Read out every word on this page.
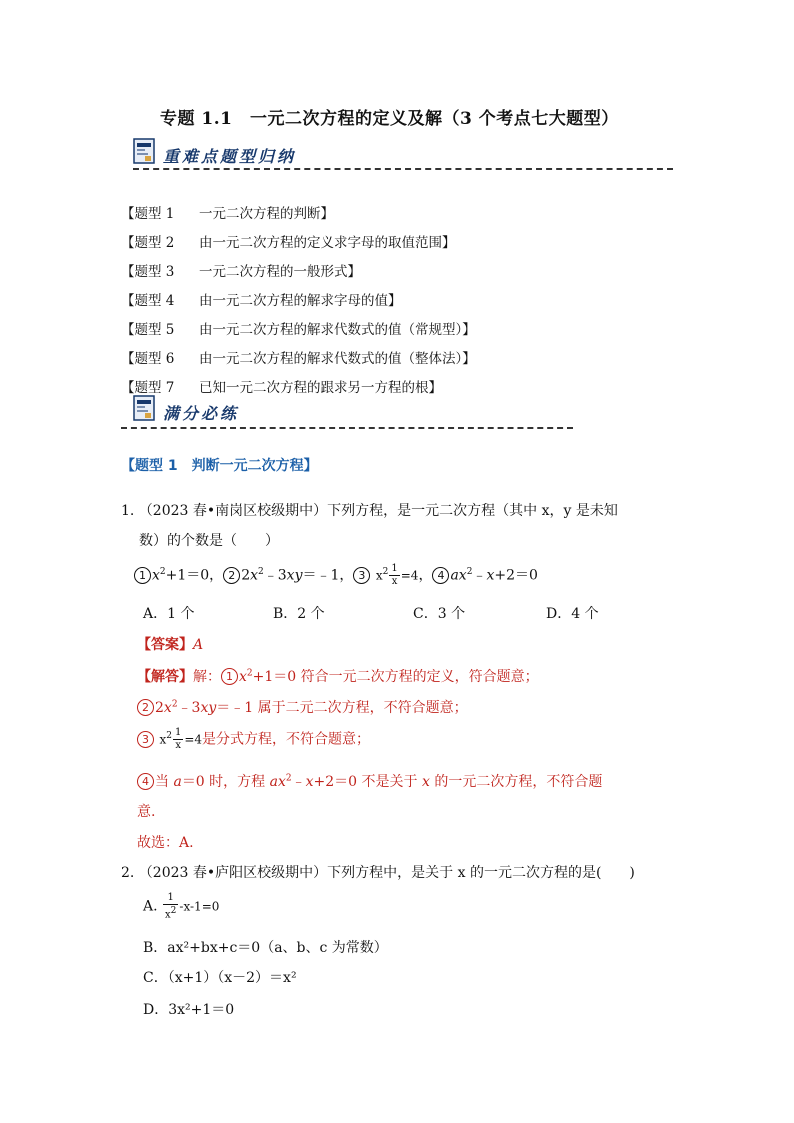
专题 1.1　一元二次方程的定义及解（3 个考点七大题型）
重难点题型归纳
【题型 1 一元二次方程的判断】
【题型 2 由一元二次方程的定义求字母的取值范围】
【题型 3 一元二次方程的一般形式】
【题型 4 由一元二次方程的解求字母的值】
【题型 5 由一元二次方程的解求代数式的值（常规型）】
【题型 6 由一元二次方程的解求代数式的值（整体法）】
【题型 7 已知一元二次方程的跟求另一方程的根】
满分必练
【题型 1　判断一元二次方程】
1. （2023 春•南岗区校级期中）下列方程，是一元二次方程（其中 x，y 是未知
数）的个数是（　　）
1 $x^2+1=0$， 2 $2x^2﹣3xy=﹣1$， 3 $x^2 \frac{1}{x} =4$， 4 $ax^2﹣x+2=0$
A．1 个	B．2 个	C．3 个	D．4 个
【答案】A
【解答】解： 1 $x^2+1=0$ 符合一元二次方程的定义，符合题意；
2 $2x^2﹣3xy=﹣1$ 属于二元二次方程，不符合题意；
3 $x^2 \frac{1}{x} =4$是分式方程，不符合题意；
4 当 a＝0 时，方程 $ax^2﹣x+2=0$ 不是关于 x 的一元二次方程，不符合题
意.
故选：A.
2. （2023 春•庐阳区校级期中）下列方程中，是关于 x 的一元二次方程的是(　　)
A. $\frac{1}{x^2} -x-1=0$
B．ax²+bx+c＝0（a、b、c 为常数）
C．（x+1）（x－2）＝x²
D．3x²+1＝0
